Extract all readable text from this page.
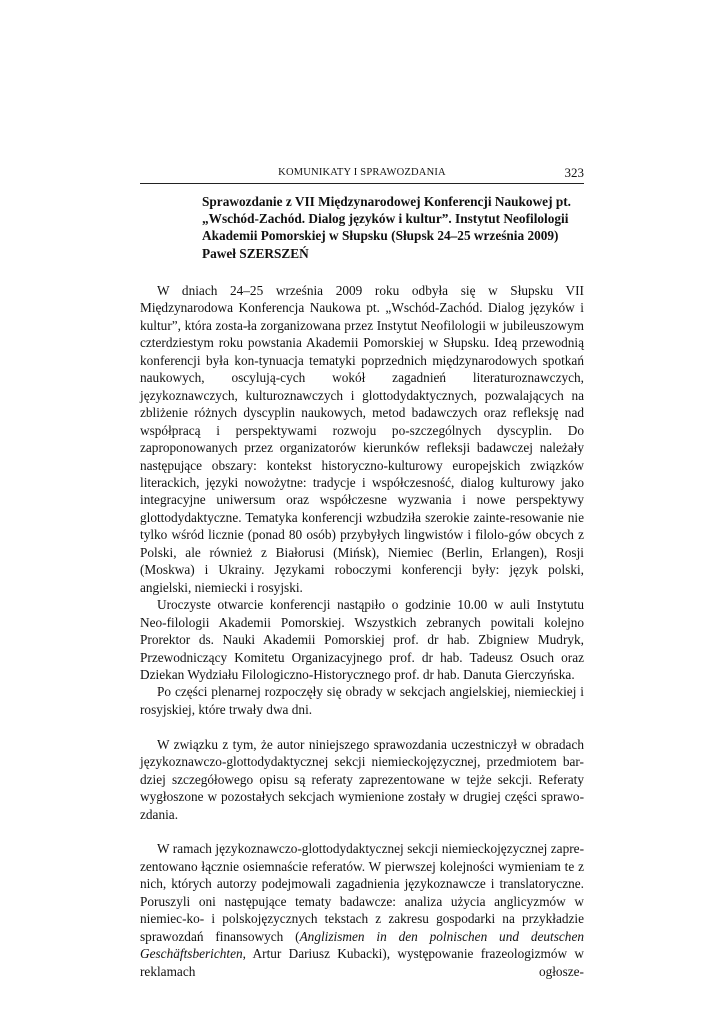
KOMUNIKATY I SPRAWOZDANIA	323
Sprawozdanie z VII Międzynarodowej Konferencji Naukowej pt.
„Wschód-Zachód. Dialog języków i kultur”. Instytut Neofilologii
Akademii Pomorskiej w Słupsku (Słupsk 24–25 września 2009)
Paweł SZERSZEŃ

W dniach 24–25 września 2009 roku odbyła się w Słupsku VII Międzynarodowa Konferencja Naukowa pt. „Wschód-Zachód. Dialog języków i kultur”, która zosta-ła zorganizowana przez Instytut Neofilologii w jubileuszowym czterdziestym roku powstania Akademii Pomorskiej w Słupsku. Ideą przewodnią konferencji była kon-tynuacja tematyki poprzednich międzynarodowych spotkań naukowych, oscylują-cych wokół zagadnień literaturoznawczych, językoznawczych, kulturoznawczych i glottodydaktycznych, pozwalających na zbliżenie różnych dyscyplin naukowych, metod badawczych oraz refleksję nad współpracą i perspektywami rozwoju po-szczególnych dyscyplin. Do zaproponowanych przez organizatorów kierunków refleksji badawczej należały następujące obszary: kontekst historyczno-kulturowy europejskich związków literackich, języki nowożytne: tradycje i współczesność, dialog kulturowy jako integracyjne uniwersum oraz współczesne wyzwania i nowe perspektywy glottodydaktyczne. Tematyka konferencji wzbudziła szerokie zainte-resowanie nie tylko wśród licznie (ponad 80 osób) przybyłych lingwistów i filolo-gów obcych z Polski, ale również z Białorusi (Mińsk), Niemiec (Berlin, Erlangen), Rosji (Moskwa) i Ukrainy. Językami roboczymi konferencji były: język polski, angielski, niemiecki i rosyjski.

Uroczyste otwarcie konferencji nastąpiło o godzinie 10.00 w auli Instytutu Neo-filologii Akademii Pomorskiej. Wszystkich zebranych powitali kolejno Prorektor ds. Nauki Akademii Pomorskiej prof. dr hab. Zbigniew Mudryk, Przewodniczący Komitetu Organizacyjnego prof. dr hab. Tadeusz Osuch oraz Dziekan Wydziału Filologiczno-Historycznego prof. dr hab. Danuta Gierczyńska.

Po części plenarnej rozpoczęły się obrady w sekcjach angielskiej, niemieckiej i rosyjskiej, które trwały dwa dni.

W związku z tym, że autor niniejszego sprawozdania uczestniczył w obradach językoznawczo-glottodydaktycznej sekcji niemieckojęzycznej, przedmiotem bar-dziej szczegółowego opisu są referaty zaprezentowane w tejże sekcji. Referaty wygłoszone w pozostałych sekcjach wymienione zostały w drugiej części sprawo-zdania.

W ramach językoznawczo-glottodydaktycznej sekcji niemieckojęzycznej zapre-zentowano łącznie osiemnaście referatów. W pierwszej kolejności wymieniam te z nich, których autorzy podejmowali zagadnienia językoznawcze i translatoryczne. Poruszyli oni następujące tematy badawcze: analiza użycia anglicyzmów w niemiec-ko- i polskojęzycznych tekstach z zakresu gospodarki na przykładzie sprawozdań finansowych (Anglizismen in den polnischen und deutschen Geschäftsberichten, Artur Dariusz Kubacki), występowanie frazeologizmów w reklamach ogłosze-
